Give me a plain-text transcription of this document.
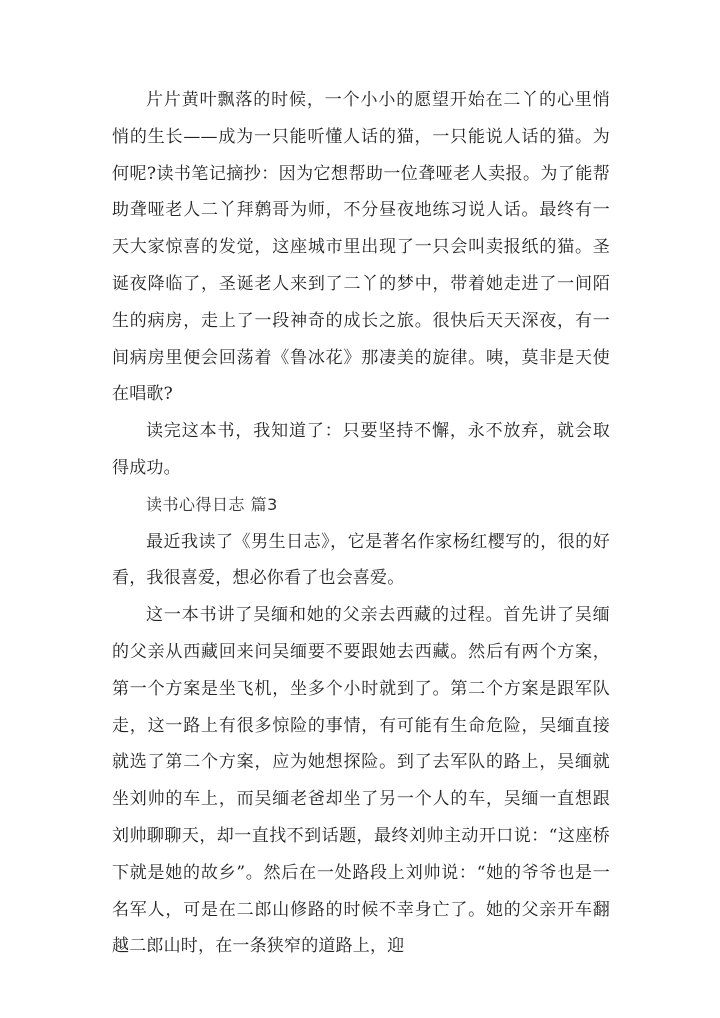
片片黄叶飘落的时候，一个小小的愿望开始在二丫的心里悄悄的生长——成为一只能听懂人话的猫，一只能说人话的猫。为何呢?读书笔记摘抄：因为它想帮助一位聋哑老人卖报。为了能帮助聋哑老人二丫拜鹩哥为师，不分昼夜地练习说人话。最终有一天大家惊喜的发觉，这座城市里出现了一只会叫卖报纸的猫。圣诞夜降临了，圣诞老人来到了二丫的梦中，带着她走进了一间陌生的病房，走上了一段神奇的成长之旅。很快后天天深夜，有一间病房里便会回荡着《鲁冰花》那凄美的旋律。咦，莫非是天使在唱歌?

读完这本书，我知道了：只要坚持不懈，永不放弃，就会取得成功。

读书心得日志 篇3

最近我读了《男生日志》，它是著名作家杨红樱写的，很的好看，我很喜爱，想必你看了也会喜爱。

这一本书讲了吴缅和她的父亲去西藏的过程。首先讲了吴缅的父亲从西藏回来问吴缅要不要跟她去西藏。然后有两个方案，第一个方案是坐飞机，坐多个小时就到了。第二个方案是跟军队走，这一路上有很多惊险的事情，有可能有生命危险，吴缅直接就选了第二个方案，应为她想探险。到了去军队的路上，吴缅就坐刘帅的车上，而吴缅老爸却坐了另一个人的车，吴缅一直想跟刘帅聊聊天，却一直找不到话题，最终刘帅主动开口说：“这座桥下就是她的故乡”。然后在一处路段上刘帅说：“她的爷爷也是一名军人，可是在二郎山修路的时候不幸身亡了。她的父亲开车翻越二郎山时，在一条狭窄的道路上，迎
